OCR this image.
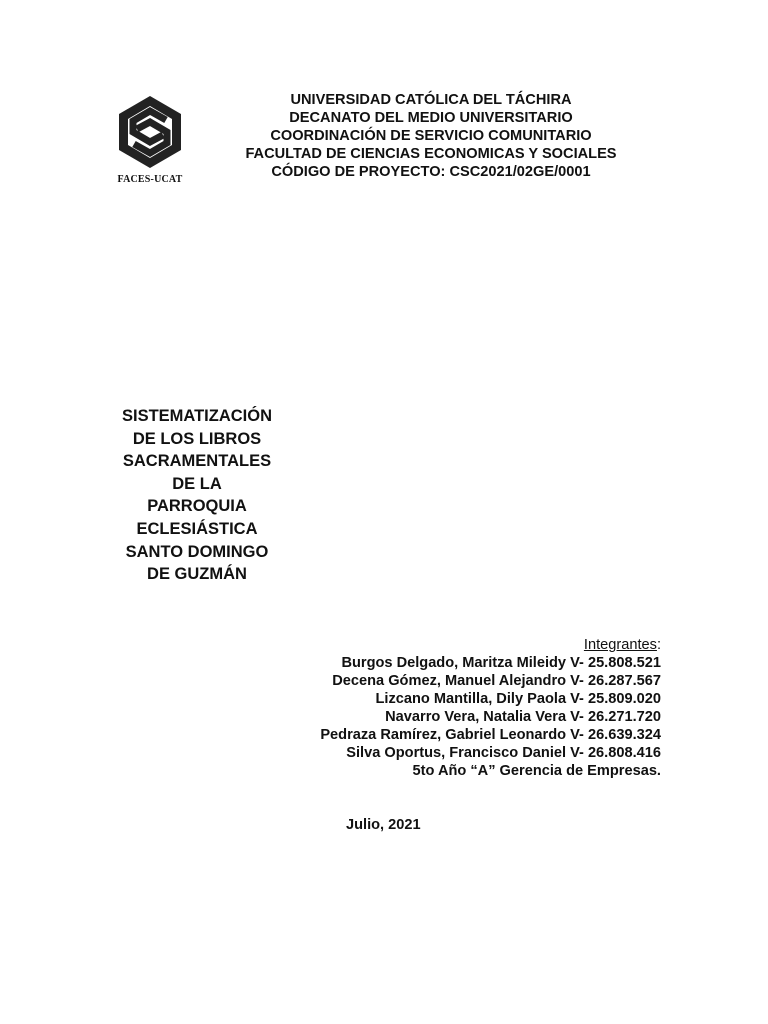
FACES-UCAT
UNIVERSIDAD CATÓLICA DEL TÁCHIRA
DECANATO DEL MEDIO UNIVERSITARIO
COORDINACIÓN DE SERVICIO COMUNITARIO
FACULTAD DE CIENCIAS ECONOMICAS Y SOCIALES
CÓDIGO DE PROYECTO: CSC2021/02GE/0001
SISTEMATIZACIÓN
DE LOS LIBROS
SACRAMENTALES
DE LA
PARROQUIA
ECLESIÁSTICA
SANTO DOMINGO
DE GUZMÁN
Integrantes:
Burgos Delgado, Maritza Mileidy V- 25.808.521
Decena Gómez, Manuel Alejandro V- 26.287.567
Lizcano Mantilla, Dily Paola V- 25.809.020
Navarro Vera, Natalia Vera V- 26.271.720
Pedraza Ramírez, Gabriel Leonardo V- 26.639.324
Silva Oportus, Francisco Daniel V- 26.808.416
5to Año “A” Gerencia de Empresas.
Julio, 2021
